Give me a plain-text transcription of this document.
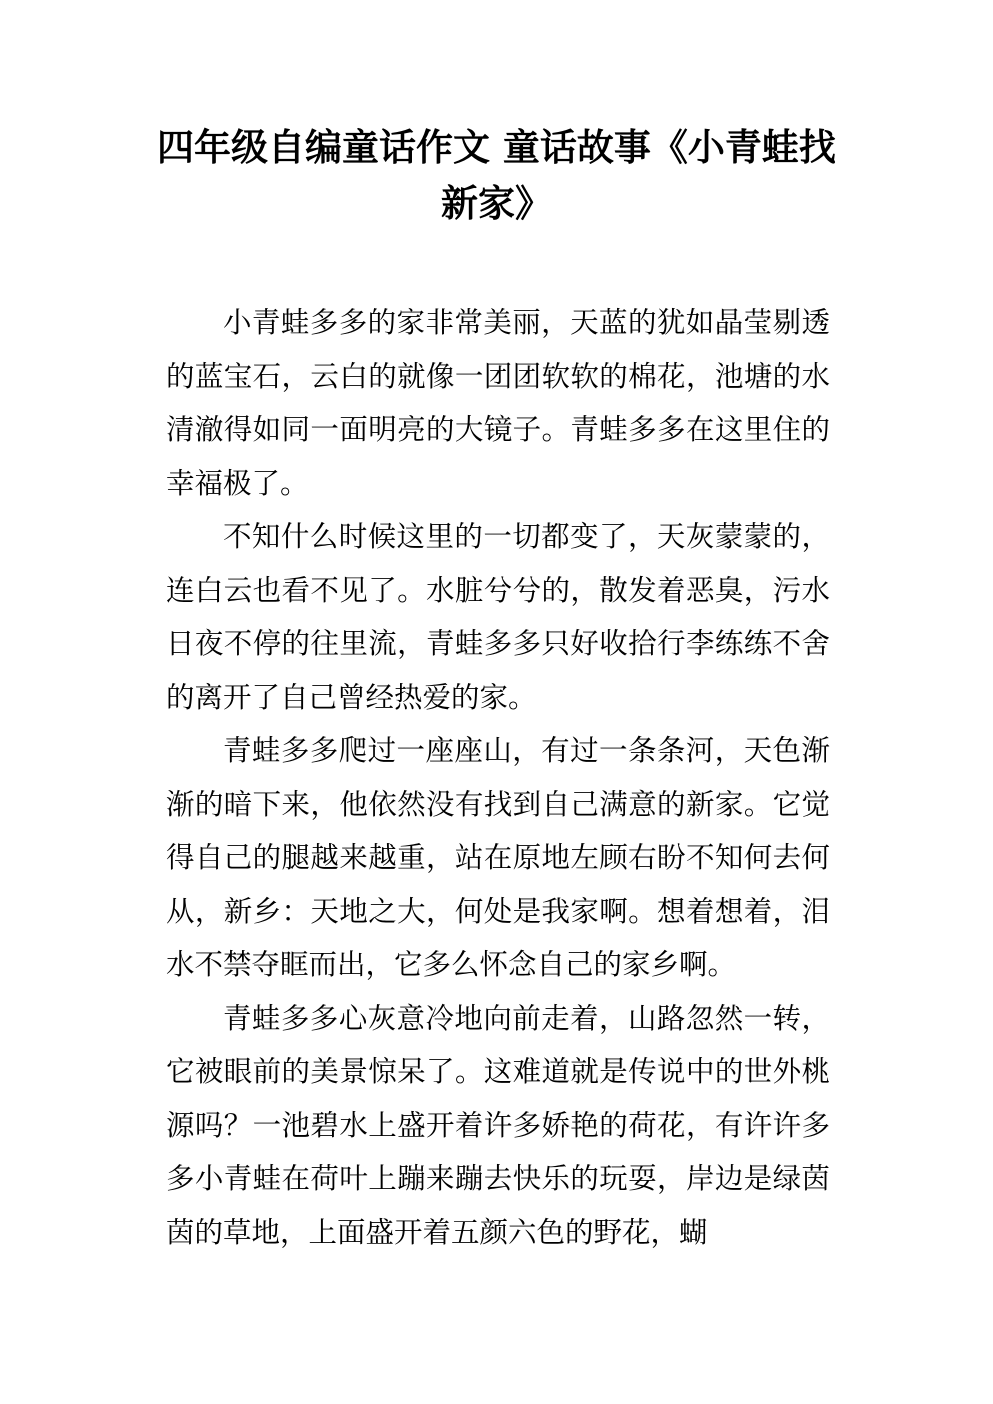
四年级自编童话作文 童话故事《小青蛙找新家》

小青蛙多多的家非常美丽，天蓝的犹如晶莹剔透的蓝宝石，云白的就像一团团软软的棉花，池塘的水清澈得如同一面明亮的大镜子。青蛙多多在这里住的幸福极了。

不知什么时候这里的一切都变了，天灰蒙蒙的，连白云也看不见了。水脏兮兮的，散发着恶臭，污水日夜不停的往里流，青蛙多多只好收拾行李练练不舍的离开了自己曾经热爱的家。

青蛙多多爬过一座座山，有过一条条河，天色渐渐的暗下来，他依然没有找到自己满意的新家。它觉得自己的腿越来越重，站在原地左顾右盼不知何去何从，新乡：天地之大，何处是我家啊。想着想着，泪水不禁夺眶而出，它多么怀念自己的家乡啊。

青蛙多多心灰意冷地向前走着，山路忽然一转，它被眼前的美景惊呆了。这难道就是传说中的世外桃源吗？一池碧水上盛开着许多娇艳的荷花，有许许多多小青蛙在荷叶上蹦来蹦去快乐的玩耍，岸边是绿茵茵的草地，上面盛开着五颜六色的野花，蝴
